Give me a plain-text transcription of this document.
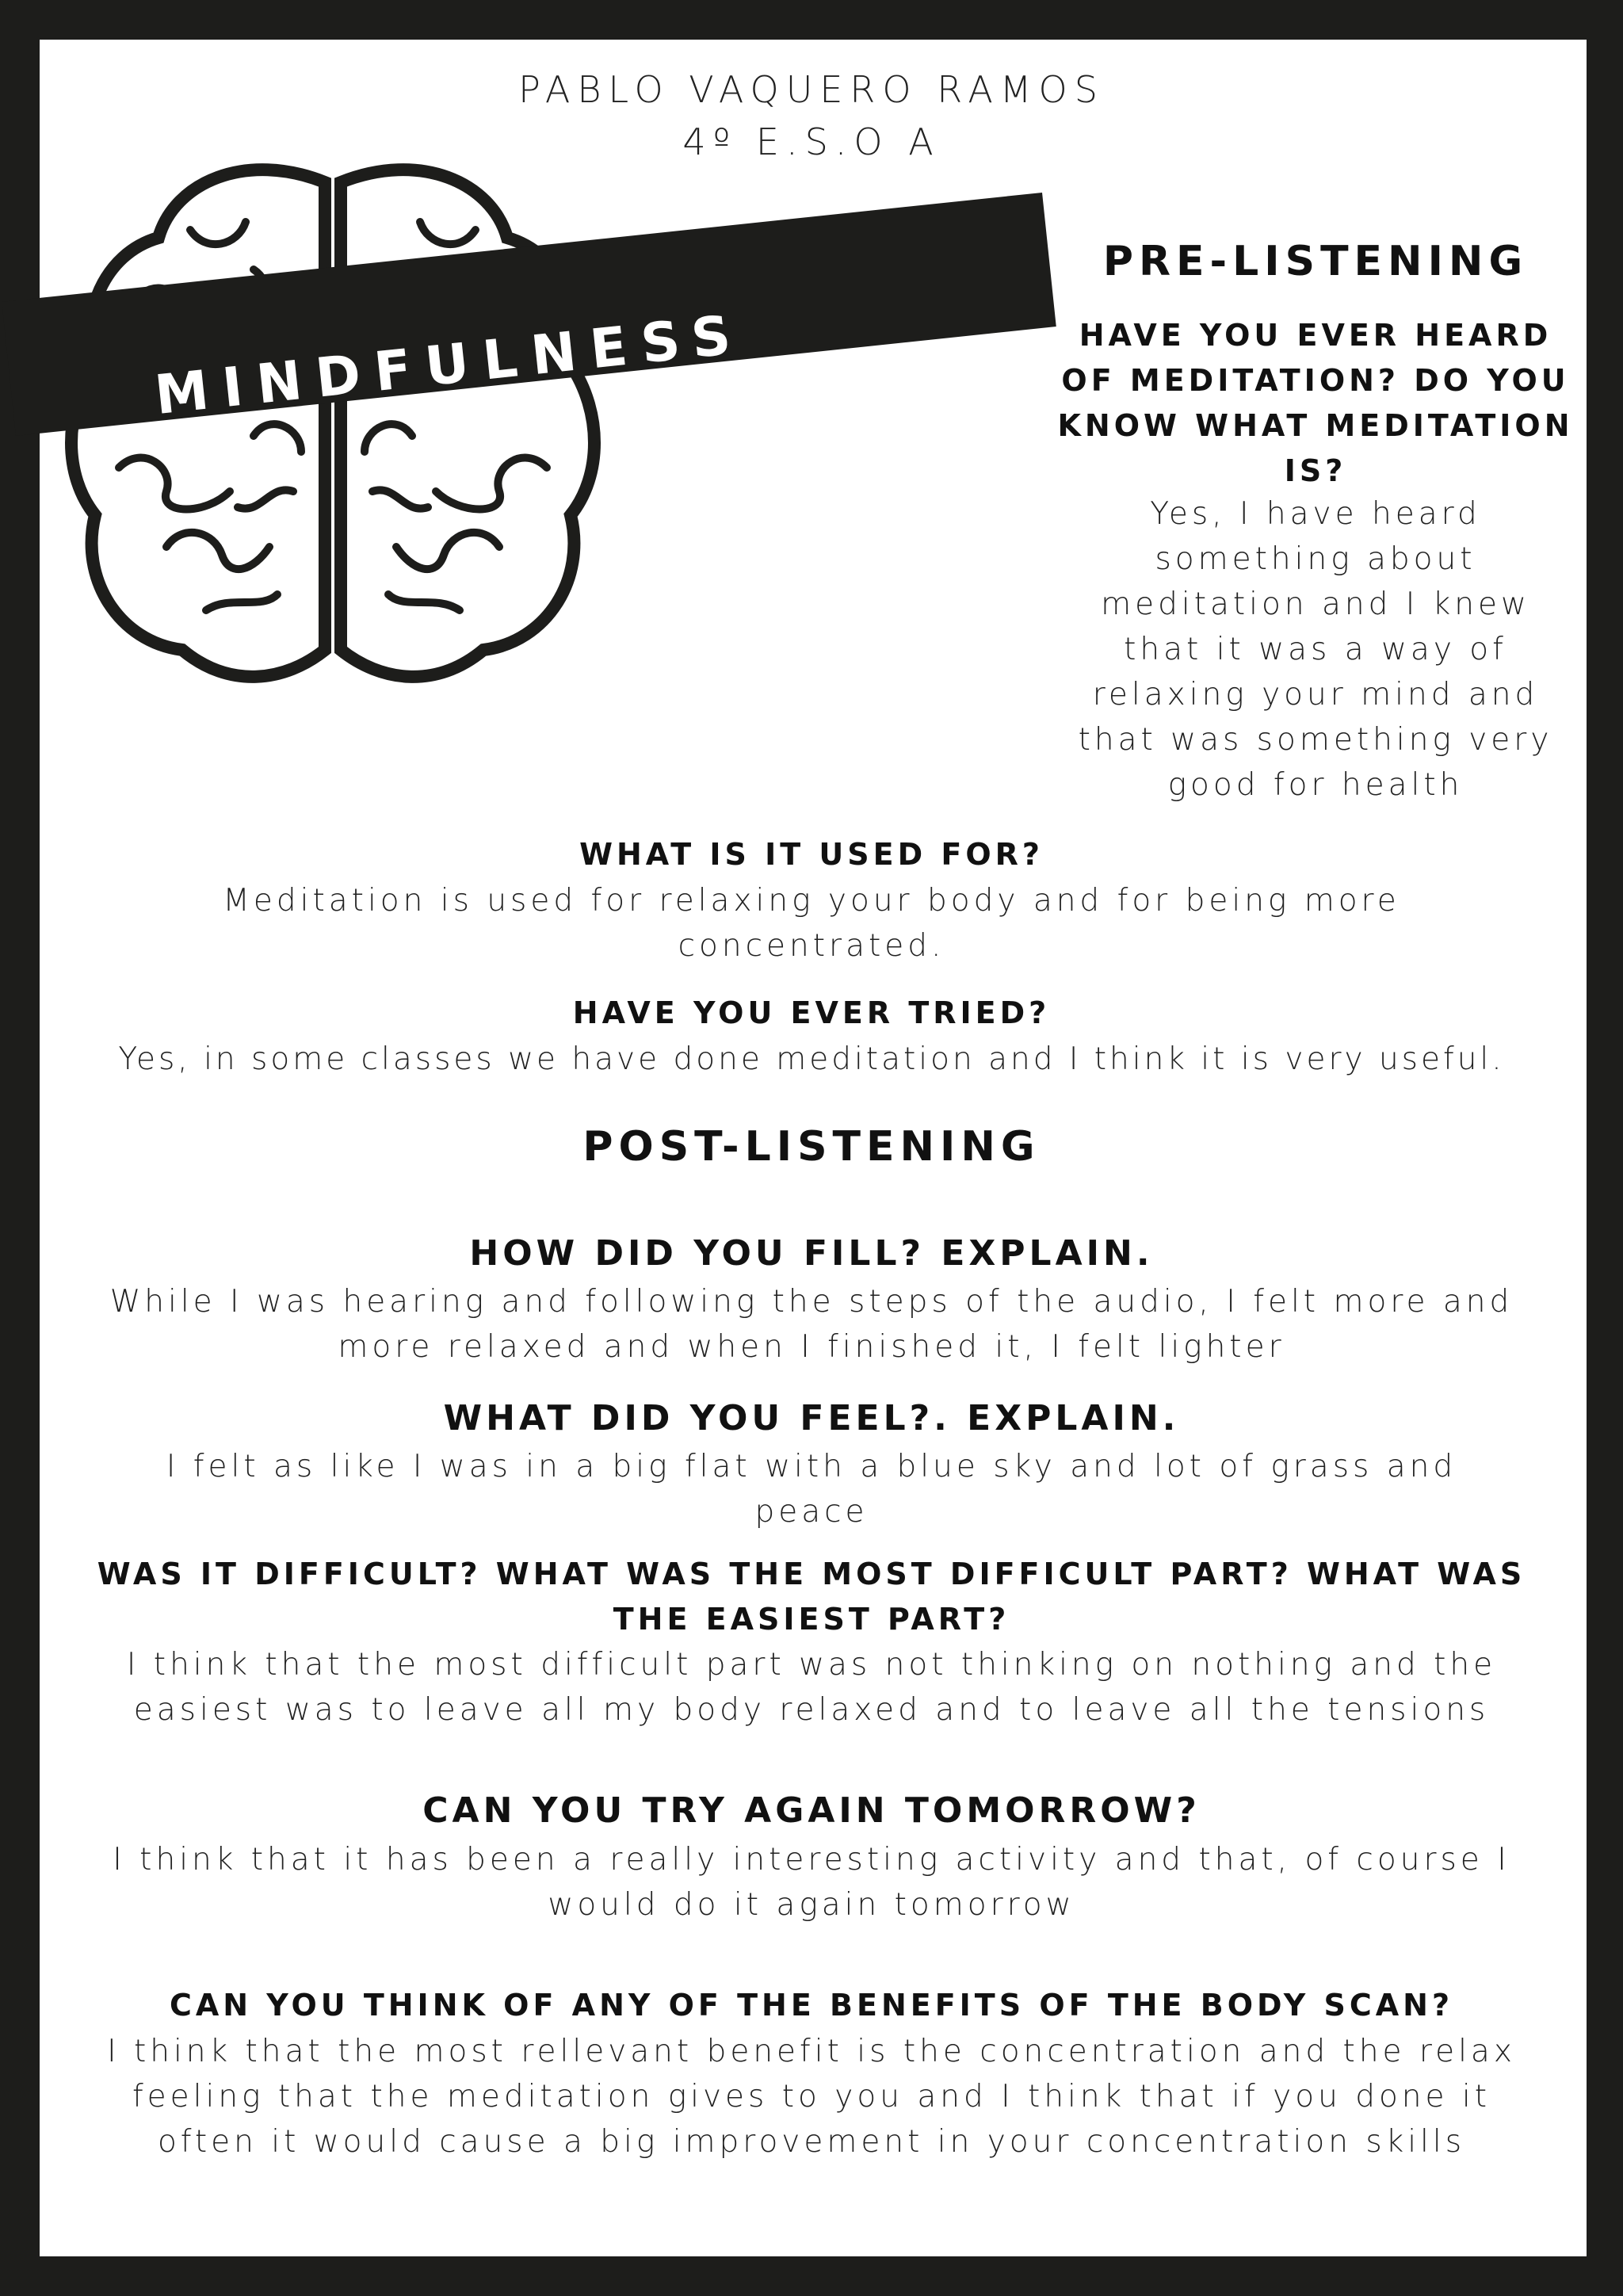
PABLO VAQUERO RAMOS
4º E.S.O A
MINDFULNESS
PRE-LISTENING
HAVE YOU EVER HEARD OF MEDITATION? DO YOU KNOW WHAT MEDITATION IS?
Yes, I have heard something about meditation and I knew that it was a way of relaxing your mind and that was something very good for health
WHAT IS IT USED FOR?
Meditation is used for relaxing your body and for being more concentrated.
HAVE YOU EVER TRIED?
Yes, in some classes we have done meditation and I think it is very useful.
POST-LISTENING
HOW DID YOU FILL? EXPLAIN.
While I was hearing and following the steps of the audio, I felt more and more relaxed and when I finished it, I felt lighter
WHAT DID YOU FEEL?. EXPLAIN.
I felt as like I was in a big flat with a blue sky and lot of grass and peace
WAS IT DIFFICULT? WHAT WAS THE MOST DIFFICULT PART? WHAT WAS THE EASIEST PART?
I think that the most difficult part was not thinking on nothing and the easiest was to leave all my body relaxed and to leave all the tensions
CAN YOU TRY AGAIN TOMORROW?
I think that it has been a really interesting activity and that, of course I would do it again tomorrow
CAN YOU THINK OF ANY OF THE BENEFITS OF THE BODY SCAN?
I think that the most rellevant benefit is the concentration and the relax feeling that the meditation gives to you and I think that if you done it often it would cause a big improvement in your concentration skills
